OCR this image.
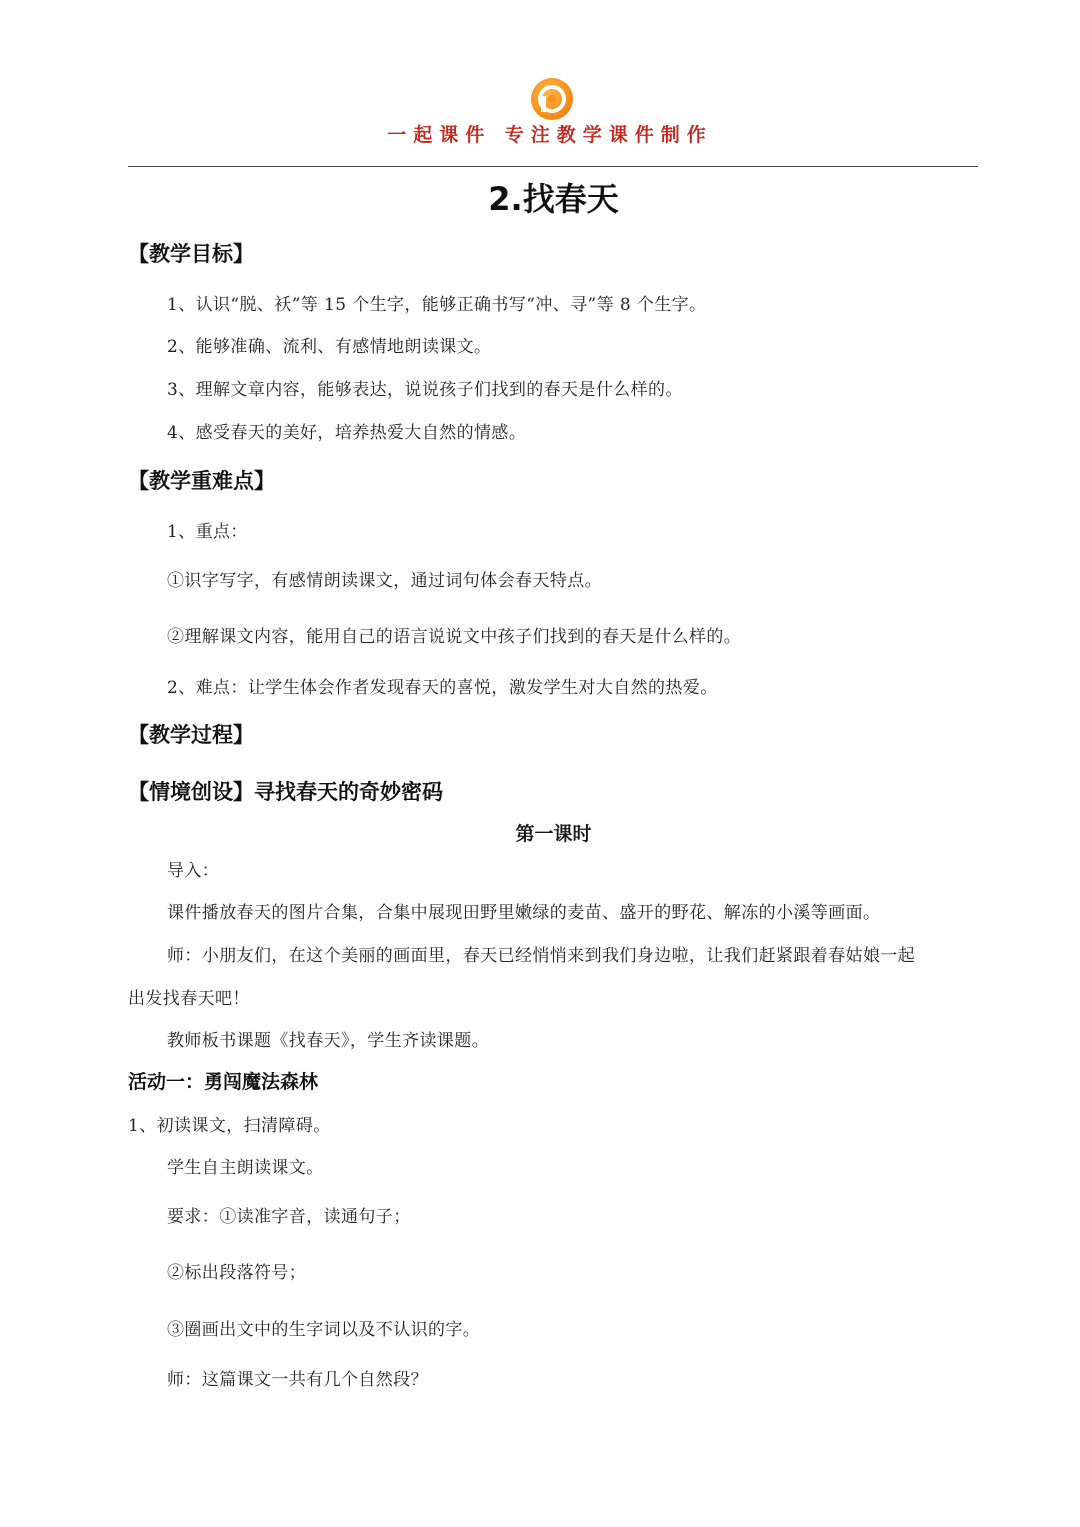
一起课件 专注教学课件制作
2.找春天
【教学目标】
1、认识“脱、袄”等 15 个生字，能够正确书写“冲、寻”等 8 个生字。
2、能够准确、流利、有感情地朗读课文。
3、理解文章内容，能够表达，说说孩子们找到的春天是什么样的。
4、感受春天的美好，培养热爱大自然的情感。
【教学重难点】
1、重点：
①识字写字，有感情朗读课文，通过词句体会春天特点。
②理解课文内容，能用自己的语言说说文中孩子们找到的春天是什么样的。
2、难点：让学生体会作者发现春天的喜悦，激发学生对大自然的热爱。
【教学过程】
【情境创设】寻找春天的奇妙密码
第一课时
导入：
课件播放春天的图片合集，合集中展现田野里嫩绿的麦苗、盛开的野花、解冻的小溪等画面。
师：小朋友们，在这个美丽的画面里，春天已经悄悄来到我们身边啦，让我们赶紧跟着春姑娘一起
出发找春天吧！
教师板书课题《找春天》，学生齐读课题。
活动一：勇闯魔法森林
1、初读课文，扫清障碍。
学生自主朗读课文。
要求：①读准字音，读通句子；
②标出段落符号；
③圈画出文中的生字词以及不认识的字。
师：这篇课文一共有几个自然段？
